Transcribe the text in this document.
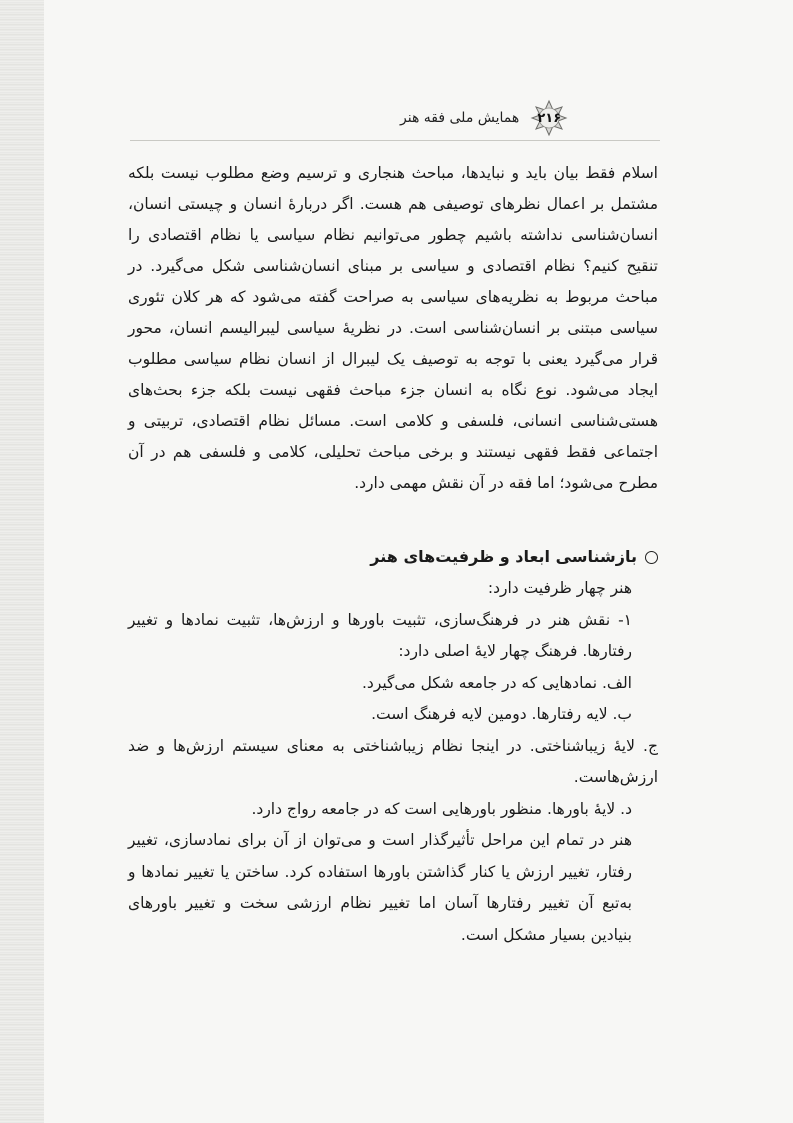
۲۱۶
همایش ملی فقه هنر

اسلام فقط بیان باید و نبایدها، مباحث هنجاری و ترسیم وضع مطلوب نیست بلکه مشتمل بر اعمال نظرهای توصیفی هم هست. اگر دربارهٔ انسان و چیستی انسان، انسان‌شناسی نداشته باشیم چطور می‌توانیم نظام سیاسی یا نظام اقتصادی را تنقیح کنیم؟ نظام اقتصادی و سیاسی بر مبنای انسان‌شناسی شکل می‌گیرد. در مباحث مربوط به نظریه‌های سیاسی به صراحت گفته می‌شود که هر کلان تئوری سیاسی مبتنی بر انسان‌شناسی است. در نظریهٔ سیاسی لیبرالیسم انسان، محور قرار می‌گیرد یعنی با توجه به توصیف یک لیبرال از انسان نظام سیاسی مطلوب ایجاد می‌شود. نوع نگاه به انسان جزء مباحث فقهی نیست بلکه جزء بحث‌های هستی‌شناسی انسانی، فلسفی و کلامی است. مسائل نظام اقتصادی، تربیتی و اجتماعی فقط فقهی نیستند و برخی مباحث تحلیلی، کلامی و فلسفی هم در آن مطرح می‌شود؛ اما فقه در آن نقش مهمی دارد.

بازشناسی ابعاد و ظرفیت‌های هنر

هنر چهار ظرفیت دارد:

۱- نقش هنر در فرهنگ‌سازی، تثبیت باورها و ارزش‌ها، تثبیت نمادها و تغییر رفتارها. فرهنگ چهار لایهٔ اصلی دارد:

الف. نمادهایی که در جامعه شکل می‌گیرد.

ب. لایه رفتارها. دومین لایه فرهنگ است.

ج. لایهٔ زیباشناختی. در اینجا نظام زیباشناختی به معنای سیستم ارزش‌ها و ضد ارزش‌هاست.

د. لایهٔ باورها. منظور باورهایی است که در جامعه رواج دارد.

هنر در تمام این مراحل تأثیرگذار است و می‌توان از آن برای نمادسازی، تغییر رفتار، تغییر ارزش یا کنار گذاشتن باورها استفاده کرد. ساختن یا تغییر نمادها و به‌تبع آن تغییر رفتارها آسان اما تغییر نظام ارزشی سخت و تغییر باورهای بنیادین بسیار مشکل است.
